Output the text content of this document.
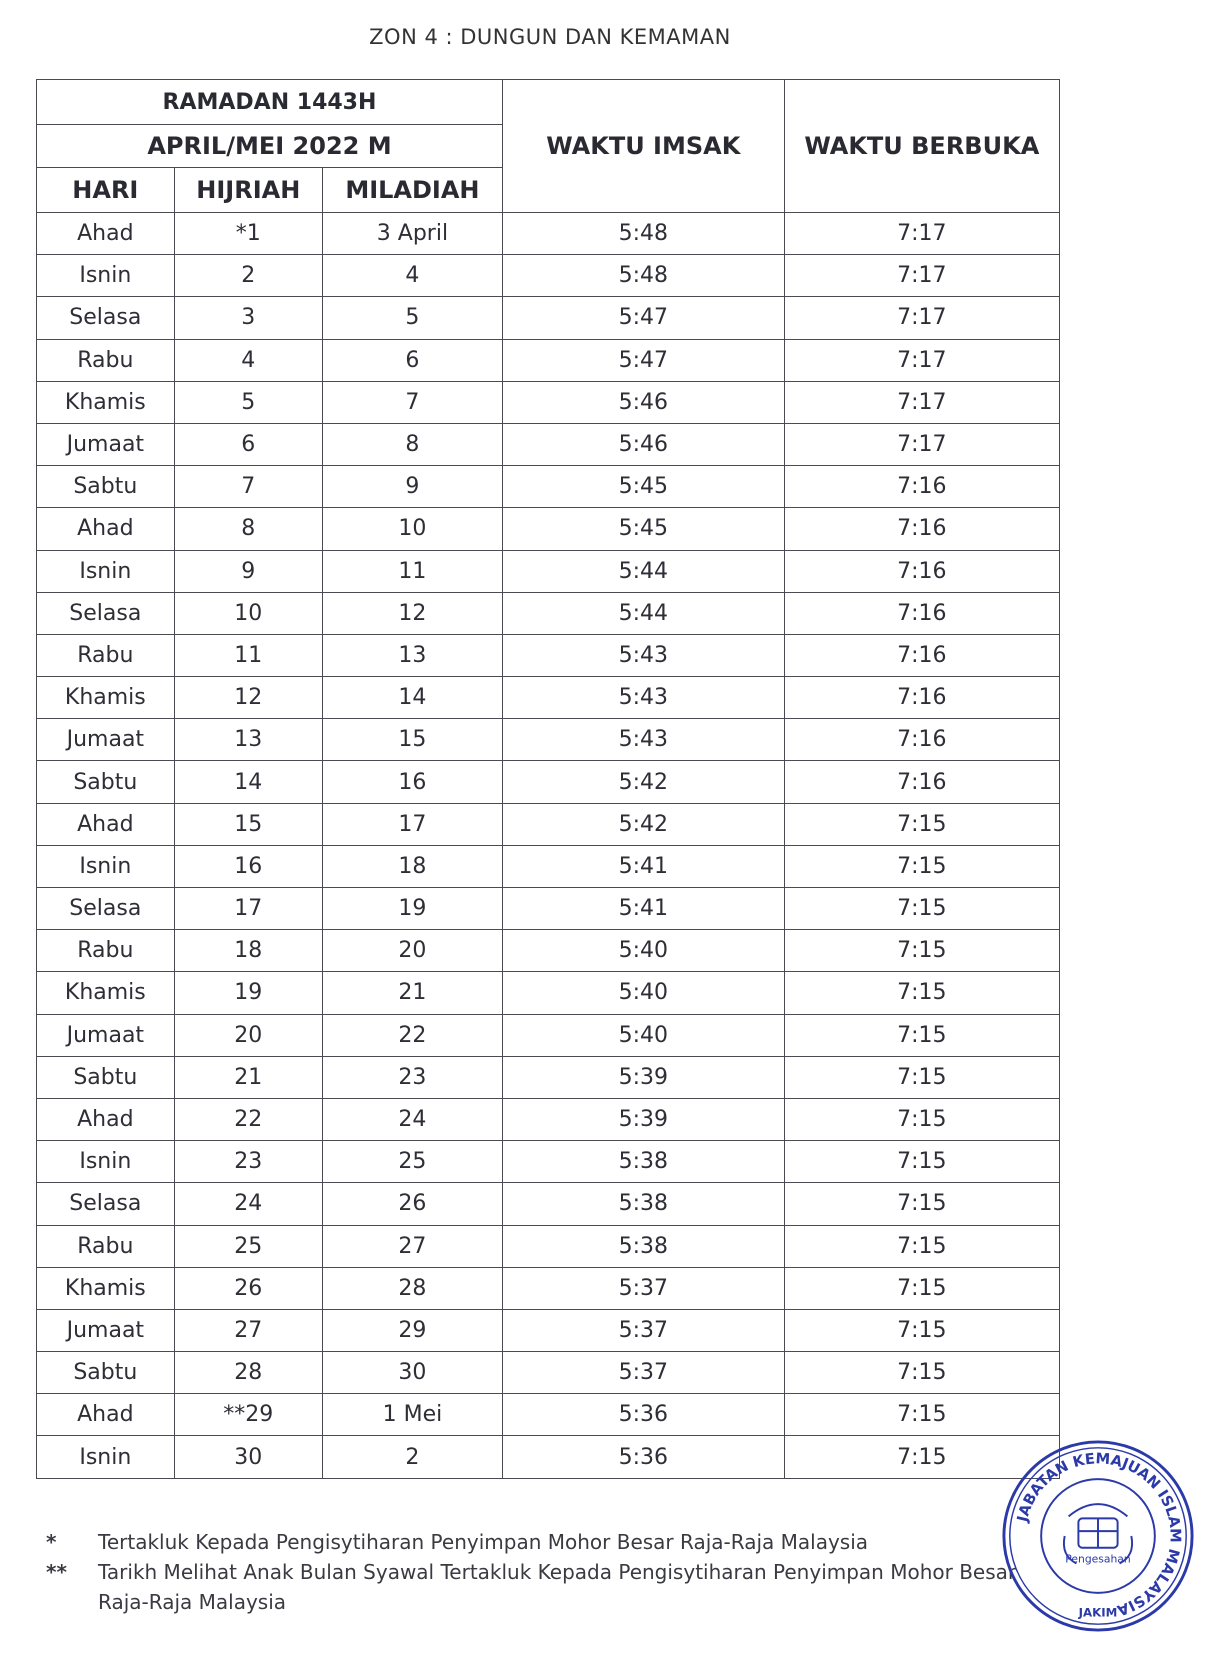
ZON 4 : DUNGUN DAN KEMAMAN
RAMADAN 1443H			WAKTU IMSAK	WAKTU BERBUKA
APRIL/MEI 2022 M				
HARI	HIJRIAH	MILADIAH		
Ahad	*1	3 April	5:48	7:17
Isnin	2	4	5:48	7:17
Selasa	3	5	5:47	7:17
Rabu	4	6	5:47	7:17
Khamis	5	7	5:46	7:17
Jumaat	6	8	5:46	7:17
Sabtu	7	9	5:45	7:16
Ahad	8	10	5:45	7:16
Isnin	9	11	5:44	7:16
Selasa	10	12	5:44	7:16
Rabu	11	13	5:43	7:16
Khamis	12	14	5:43	7:16
Jumaat	13	15	5:43	7:16
Sabtu	14	16	5:42	7:16
Ahad	15	17	5:42	7:15
Isnin	16	18	5:41	7:15
Selasa	17	19	5:41	7:15
Rabu	18	20	5:40	7:15
Khamis	19	21	5:40	7:15
Jumaat	20	22	5:40	7:15
Sabtu	21	23	5:39	7:15
Ahad	22	24	5:39	7:15
Isnin	23	25	5:38	7:15
Selasa	24	26	5:38	7:15
Rabu	25	27	5:38	7:15
Khamis	26	28	5:37	7:15
Jumaat	27	29	5:37	7:15
Sabtu	28	30	5:37	7:15
Ahad	**29	1 Mei	5:36	7:15
Isnin	30	2	5:36	7:15
*	Tertakluk Kepada Pengisytiharan Penyimpan Mohor Besar Raja-Raja Malaysia
**	Tarikh Melihat Anak Bulan Syawal Tertakluk Kepada Pengisytiharan Penyimpan Mohor Besar Raja-Raja Malaysia
JABATAN KEMAJUAN ISLAM MALAYSIA
Pengesahan
JAKIM
